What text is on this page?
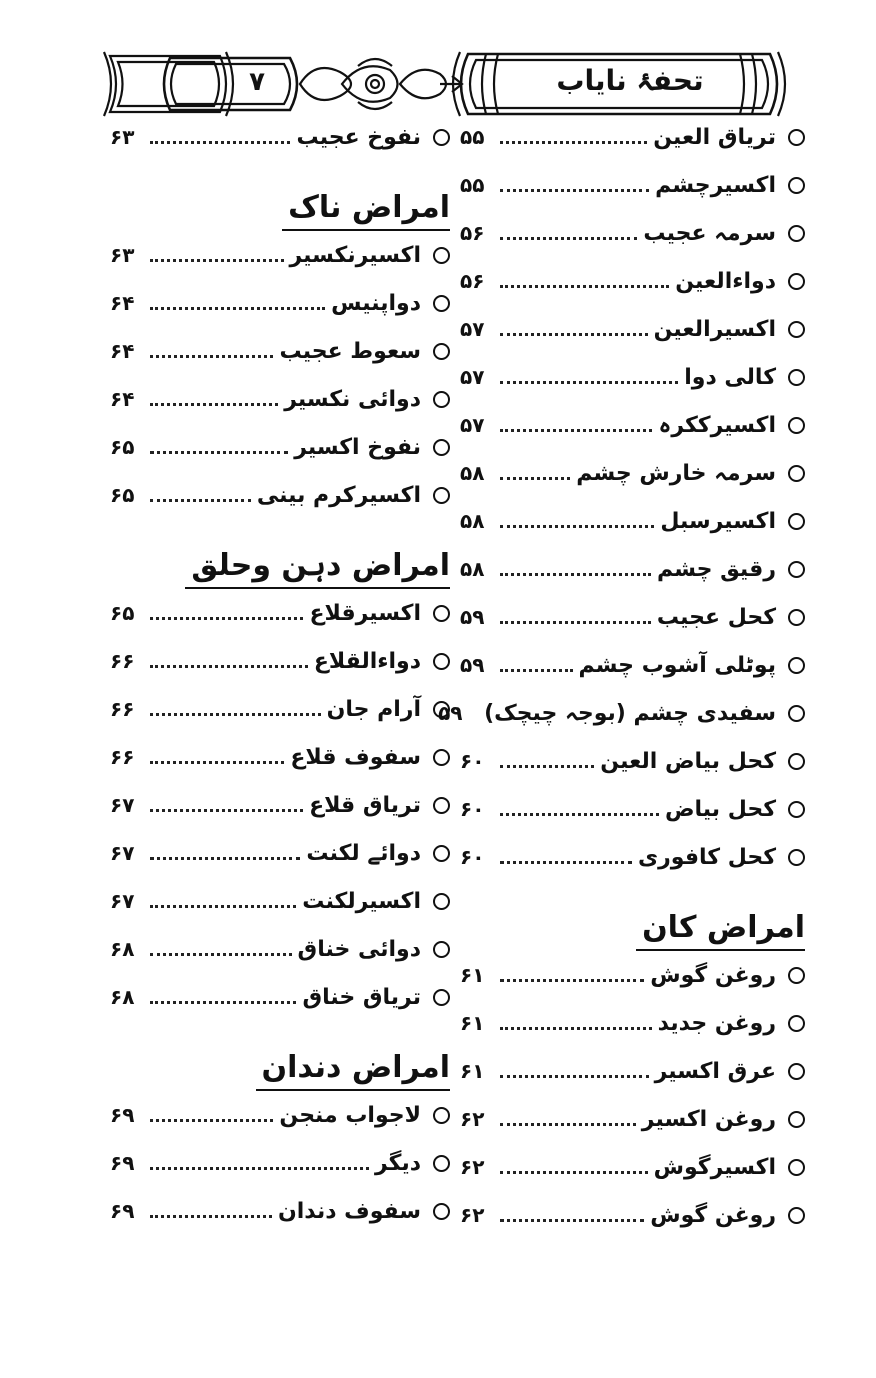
۷	تحفۂ نایاب
تریاق العین
۵۵
اکسیرچشم
۵۵
سرمہ عجیب
۵۶
دواءالعین
۵۶
اکسیرالعین
۵۷
کالی دوا
۵۷
اکسیرککرہ
۵۷
سرمہ خارش چشم
۵۸
اکسیرسبل
۵۸
رقیق چشم
۵۸
کحل عجیب
۵۹
پوٹلی آشوب چشم
۵۹
سفیدی چشم (بوجہ چیچک)
۵۹
کحل بیاض العین
۶۰
کحل بیاض
۶۰
کحل کافوری
۶۰
امراض کان
روغن گوش
۶۱
روغن جدید
۶۱
عرق اکسیر
۶۱
روغن اکسیر
۶۲
اکسیرگوش
۶۲
روغن گوش
۶۲
نفوخ عجیب
۶۳
امراض ناک
اکسیرنکسیر
۶۳
دواپنیس
۶۴
سعوط عجیب
۶۴
دوائی نکسیر
۶۴
نفوخ اکسیر
۶۵
اکسیرکرم بینی
۶۵
امراض دہن وحلق
اکسیرقلاع
۶۵
دواءالقلاع
۶۶
آرام جان
۶۶
سفوف قلاع
۶۶
تریاق قلاع
۶۷
دوائے لکنت
۶۷
اکسیرلکنت
۶۷
دوائی خناق
۶۸
تریاق خناق
۶۸
امراض دندان
لاجواب منجن
۶۹
دیگر
۶۹
سفوف دندان
۶۹
